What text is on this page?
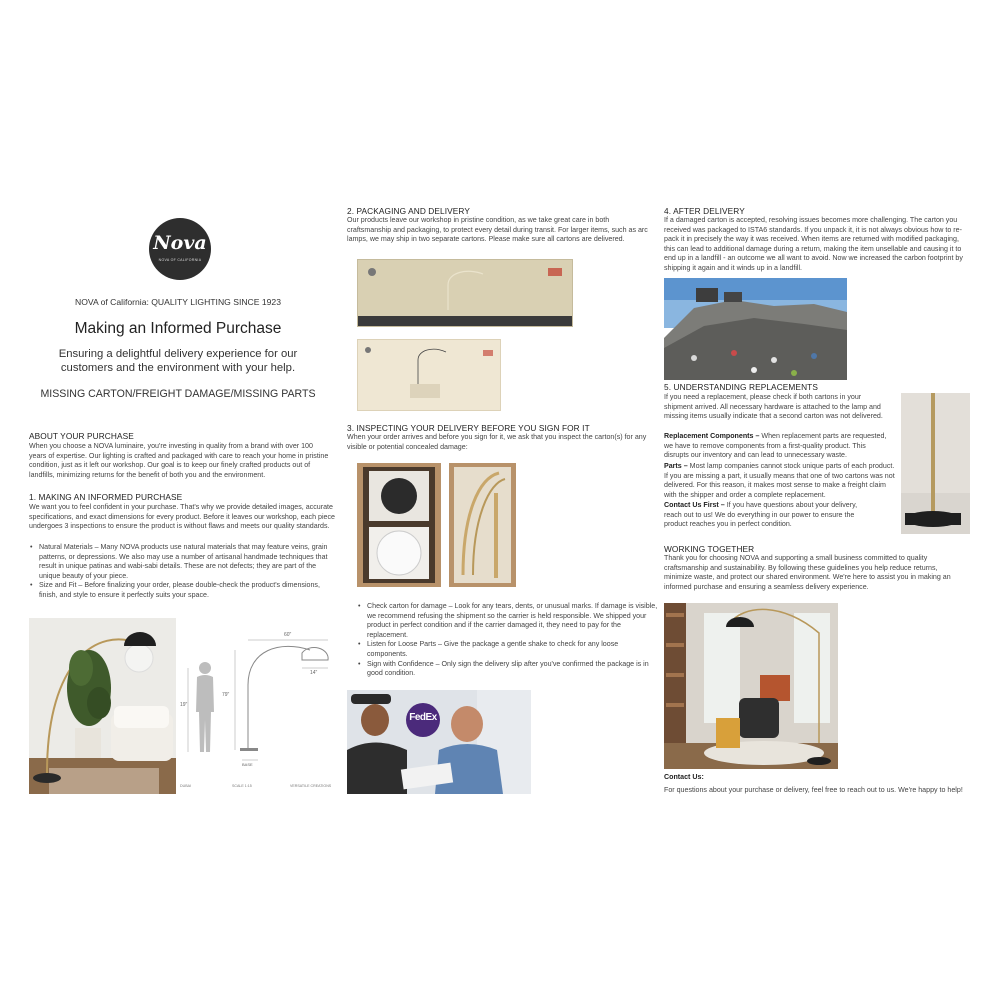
Nova
NOVA OF CALIFORNIA
NOVA of California: QUALITY LIGHTING SINCE 1923
Making an Informed Purchase
Ensuring a delightful delivery experience for our customers and the environment with your help.
MISSING CARTON/FREIGHT DAMAGE/MISSING PARTS
ABOUT YOUR PURCHASE
When you choose a NOVA luminaire, you're investing in quality from a brand with over 100 years of expertise. Our lighting is crafted and packaged with care to reach your home in pristine condition, just as it left our workshop. Our goal is to keep our finely crafted products out of landfills, minimizing returns for the benefit of both you and the environment.
1. MAKING AN INFORMED PURCHASE
We want you to feel confident in your purchase. That's why we provide detailed images, accurate specifications, and exact dimensions for every product. Before it leaves our workshop, each piece undergoes 3 inspections to ensure the product is without flaws and meets our quality standards.
• Natural Materials – Many NOVA products use natural materials that may feature veins, grain patterns, or depressions. We also may use a number of artisanal handmade techniques that result in unique patinas and wabi-sabi details. These are not defects; they are part of the unique beauty of your piece.
• Size and Fit – Before finalizing your order, please double-check the product's dimensions, finish, and style to ensure it perfectly suits your space.
60"
79"
14"
BASE
19"
DUBAI	SCALE 1:15	VERSATILE CREATIONS
2. PACKAGING AND DELIVERY
Our products leave our workshop in pristine condition, as we take great care in both craftsmanship and packaging, to protect every detail during transit. For larger items, such as arc lamps, we may ship in two separate cartons. Please make sure all cartons are delivered.
3. INSPECTING YOUR DELIVERY BEFORE YOU SIGN FOR IT
When your order arrives and before you sign for it, we ask that you inspect the carton(s) for any visible or potential concealed damage:
• Check carton for damage – Look for any tears, dents, or unusual marks. If damage is visible, we recommend refusing the shipment so the carrier is held responsible. We shipped your product in perfect condition and if the carrier damaged it, they need to pay for the replacement.
• Listen for Loose Parts – Give the package a gentle shake to check for any loose components.
• Sign with Confidence – Only sign the delivery slip after you've confirmed the package is in good condition.
FedEx
4. AFTER DELIVERY
If a damaged carton is accepted, resolving issues becomes more challenging. The carton you received was packaged to ISTA6 standards. If you unpack it, it is not always obvious how to re-pack it in precisely the way it was received. When items are returned with modified packaging, this can lead to additional damage during a return, making the item unsellable and causing it to end up in a landfill - an outcome we all want to avoid. Now we increased the carbon footprint by shipping it again and it winds up in a landfill.
5. UNDERSTANDING REPLACEMENTS
If you need a replacement, please check if both cartons in your shipment arrived. All necessary hardware is attached to the lamp and missing items usually indicate that a second carton was not delivered.
Replacement Components – When replacement parts are requested, we have to remove components from a first-quality product. This disrupts our inventory and can lead to unnecessary waste.
Parts – Most lamp companies cannot stock unique parts of each product. If you are missing a part, it usually means that one of two cartons was not delivered. For this reason, it makes most sense to make a freight claim with the shipper and order a complete replacement.
Contact Us First – If you have questions about your delivery, reach out to us! We do everything in our power to ensure the product reaches you in perfect condition.
WORKING TOGETHER
Thank you for choosing NOVA and supporting a small business committed to quality craftsmanship and sustainability. By following these guidelines you help reduce returns, minimize waste, and protect our shared environment. We're here to assist you in making an informed purchase and ensuring a seamless delivery experience.
Contact Us:
For questions about your purchase or delivery, feel free to reach out to us. We're happy to help!
